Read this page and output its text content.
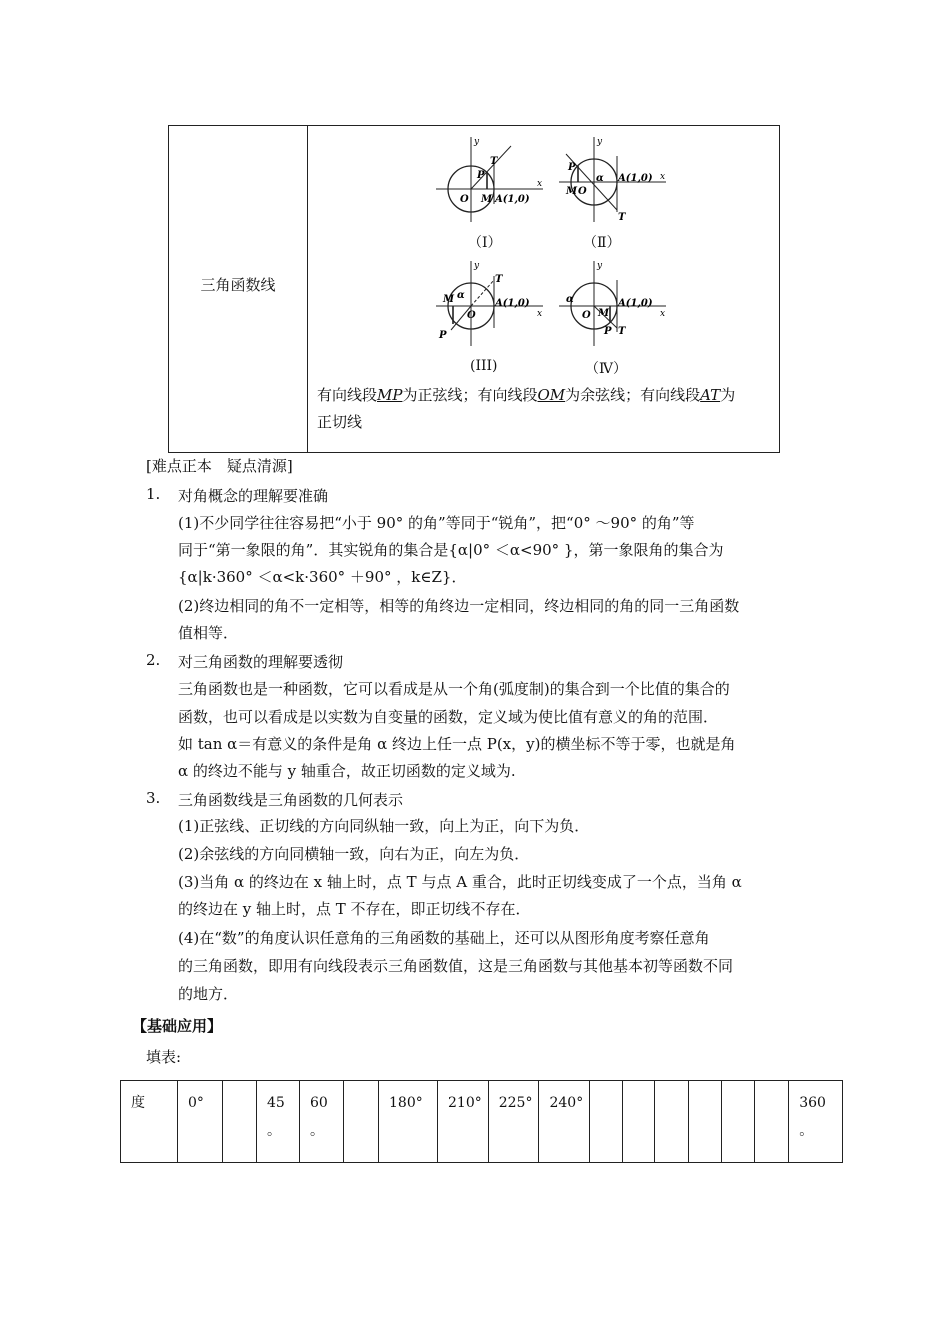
三角函数线
y
x
O
P
T
M A(1,0)
（Ⅰ）
y
x
P
M O
α A(1,0)
T
（Ⅱ）
y
x
M α
O
T
A(1,0)
P
(III)
y
x
α
O M
A(1,0)
P T
（Ⅳ）
有向线段MP为正弦线；有向线段OM为余弦线；有向线段AT为
正切线
[难点正本　疑点清源]
1. 对角概念的理解要准确
(1)不少同学往往容易把“小于 90° 的角”等同于“锐角”，把“0° ～90° 的角”等
同于“第一象限的角”．其实锐角的集合是{α|0° ＜α<90° }，第一象限角的集合为
{α|k·360° ＜α<k·360° ＋90° ，k∈Z}．
(2)终边相同的角不一定相等，相等的角终边一定相同，终边相同的角的同一三角函数
值相等．
2. 对三角函数的理解要透彻
三角函数也是一种函数，它可以看成是从一个角(弧度制)的集合到一个比值的集合的
函数，也可以看成是以实数为自变量的函数，定义域为使比值有意义的角的范围．
如 tan α＝有意义的条件是角 α 终边上任一点 P(x，y)的横坐标不等于零，也就是角
α 的终边不能与 y 轴重合，故正切函数的定义域为.
3. 三角函数线是三角函数的几何表示
(1)正弦线、正切线的方向同纵轴一致，向上为正，向下为负．
(2)余弦线的方向同横轴一致，向右为正，向左为负．
(3)当角 α 的终边在 x 轴上时，点 T 与点 A 重合，此时正切线变成了一个点，当角 α
的终边在 y 轴上时，点 T 不存在，即正切线不存在．
(4)在“数”的角度认识任意角的三角函数的基础上，还可以从图形角度考察任意角
的三角函数，即用有向线段表示三角函数值，这是三角函数与其他基本初等函数不同
的地方．
【基础应用】
填表:
度	0°		45 。	60 。		180°	210°	225°	240°							360 。
